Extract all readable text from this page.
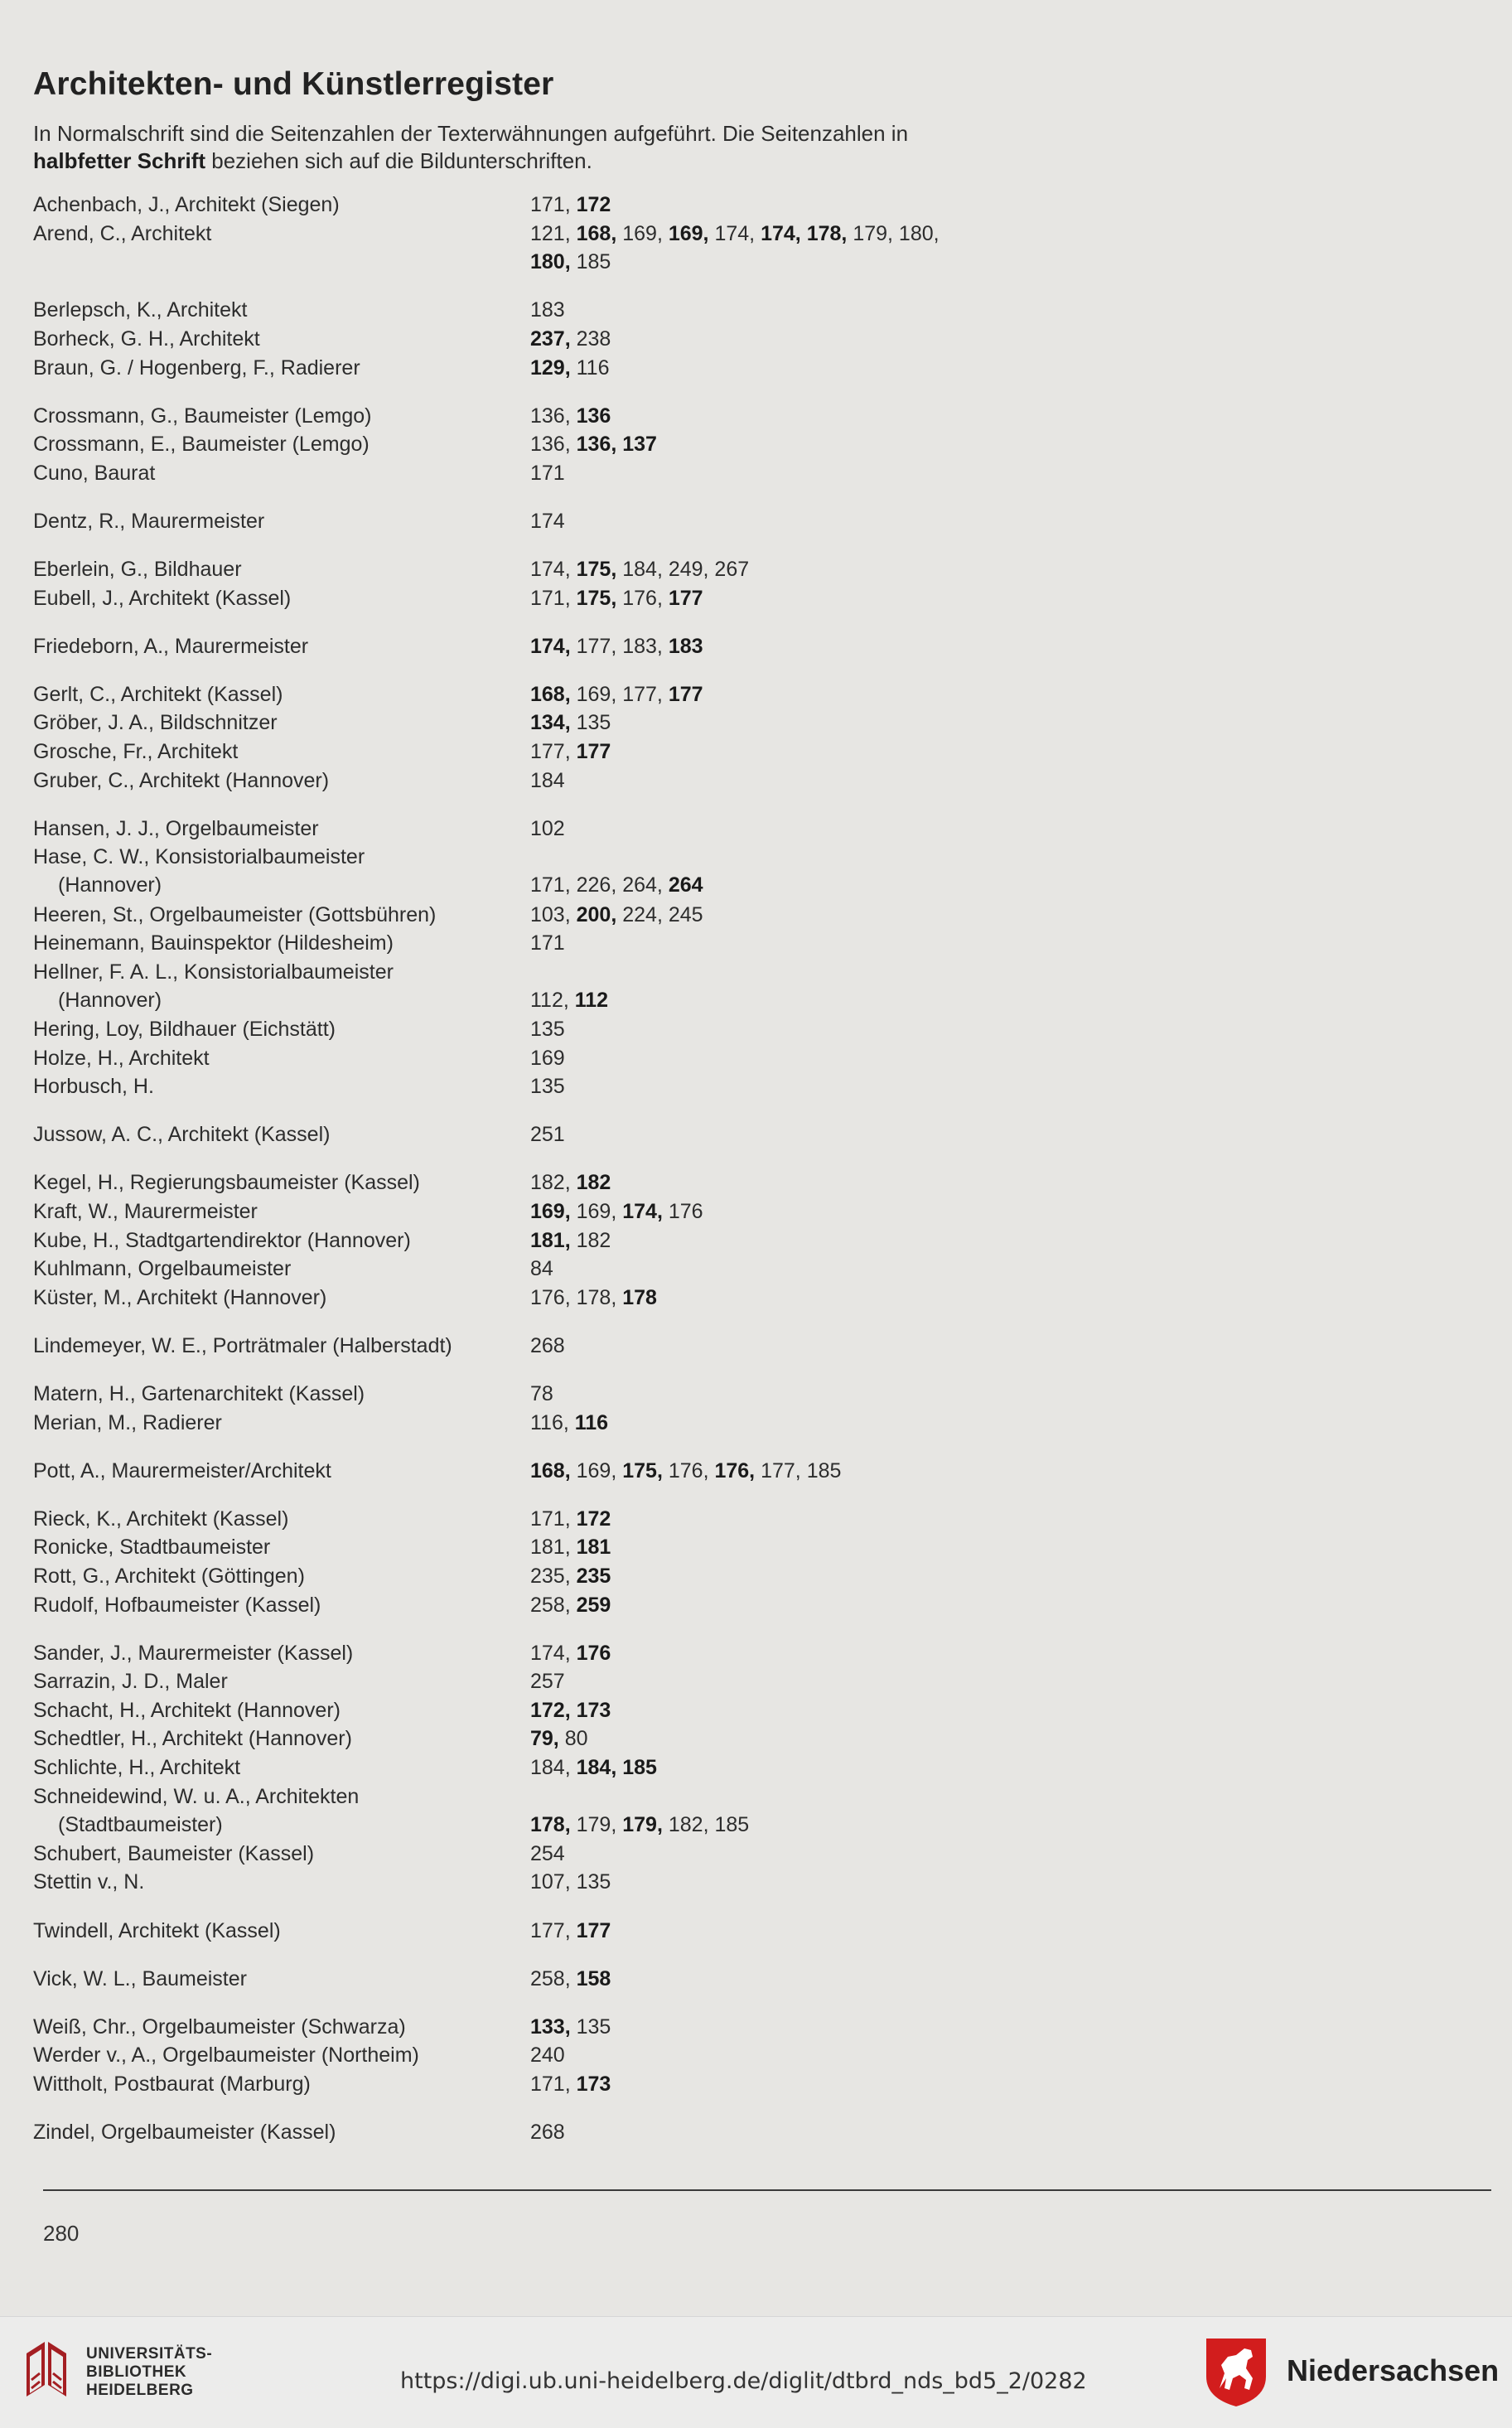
Architekten- und Künstlerregister
In Normalschrift sind die Seitenzahlen der Texterwähnungen aufgeführt. Die Seitenzahlen in halbfetter Schrift beziehen sich auf die Bildunterschriften.
Achenbach, J., Architekt (Siegen)	171, 172
Arend, C., Architekt	121, 168, 169, 169, 174, 174, 178, 179, 180,
180, 185
Berlepsch, K., Architekt	183
Borheck, G. H., Architekt	237, 238
Braun, G. / Hogenberg, F., Radierer	129, 116
Crossmann, G., Baumeister (Lemgo)	136, 136
Crossmann, E., Baumeister (Lemgo)	136, 136, 137
Cuno, Baurat	171
Dentz, R., Maurermeister	174
Eberlein, G., Bildhauer	174, 175, 184, 249, 267
Eubell, J., Architekt (Kassel)	171, 175, 176, 177
Friedeborn, A., Maurermeister	174, 177, 183, 183
Gerlt, C., Architekt (Kassel)	168, 169, 177, 177
Gröber, J. A., Bildschnitzer	134, 135
Grosche, Fr., Architekt	177, 177
Gruber, C., Architekt (Hannover)	184
Hansen, J. J., Orgelbaumeister	102
Hase, C. W., Konsistorialbaumeister
(Hannover)	171, 226, 264, 264
Heeren, St., Orgelbaumeister (Gottsbühren)	103, 200, 224, 245
Heinemann, Bauinspektor (Hildesheim)	171
Hellner, F. A. L., Konsistorialbaumeister
(Hannover)	112, 112
Hering, Loy, Bildhauer (Eichstätt)	135
Holze, H., Architekt	169
Horbusch, H.	135
Jussow, A. C., Architekt (Kassel)	251
Kegel, H., Regierungsbaumeister (Kassel)	182, 182
Kraft, W., Maurermeister	169, 169, 174, 176
Kube, H., Stadtgartendirektor (Hannover)	181, 182
Kuhlmann, Orgelbaumeister	84
Küster, M., Architekt (Hannover)	176, 178, 178
Lindemeyer, W. E., Porträtmaler (Halberstadt)	268
Matern, H., Gartenarchitekt (Kassel)	78
Merian, M., Radierer	116, 116
Pott, A., Maurermeister/Architekt	168, 169, 175, 176, 176, 177, 185
Rieck, K., Architekt (Kassel)	171, 172
Ronicke, Stadtbaumeister	181, 181
Rott, G., Architekt (Göttingen)	235, 235
Rudolf, Hofbaumeister (Kassel)	258, 259
Sander, J., Maurermeister (Kassel)	174, 176
Sarrazin, J. D., Maler	257
Schacht, H., Architekt (Hannover)	172, 173
Schedtler, H., Architekt (Hannover)	79, 80
Schlichte, H., Architekt	184, 184, 185
Schneidewind, W. u. A., Architekten
(Stadtbaumeister)	178, 179, 179, 182, 185
Schubert, Baumeister (Kassel)	254
Stettin v., N.	107, 135
Twindell, Architekt (Kassel)	177, 177
Vick, W. L., Baumeister	258, 158
Weiß, Chr., Orgelbaumeister (Schwarza)	133, 135
Werder v., A., Orgelbaumeister (Northeim)	240
Wittholt, Postbaurat (Marburg)	171, 173
Zindel, Orgelbaumeister (Kassel)	268
280
UNIVERSITÄTS-
BIBLIOTHEK
HEIDELBERG	https://digi.ub.uni-heidelberg.de/diglit/dtbrd_nds_bd5_2/0282	Niedersachsen
